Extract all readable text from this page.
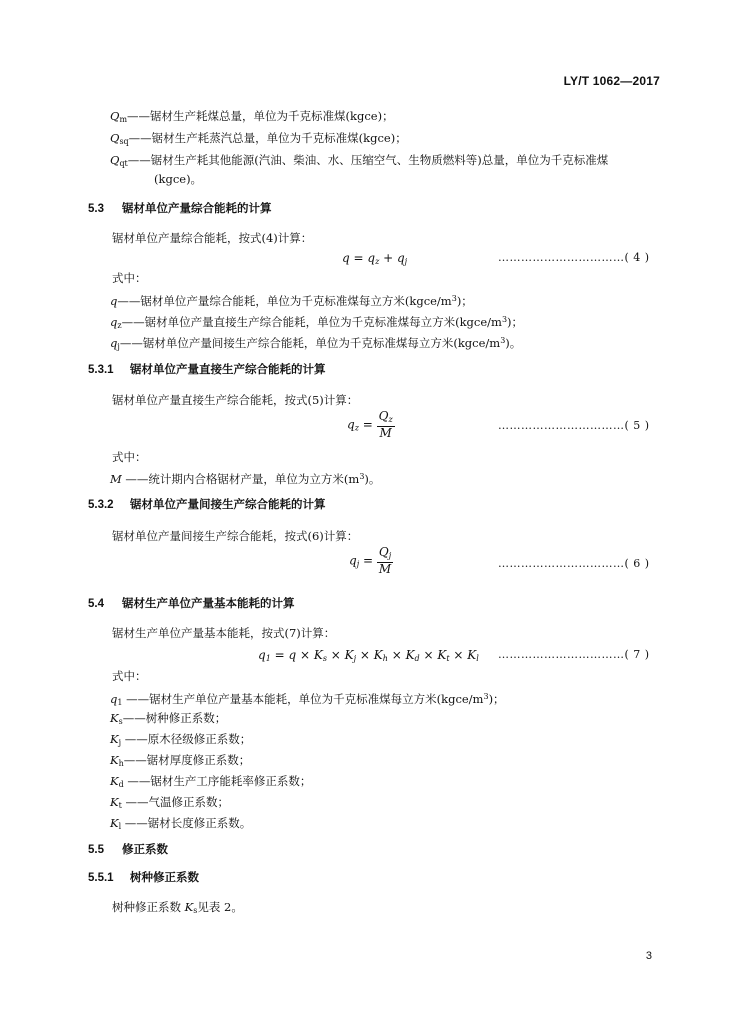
LY/T 1062—2017
$Q_m——$锯材生产耗煤总量，单位为千克标准煤(kgce)；
$Q_{sq}——$锯材生产耗蒸汽总量，单位为千克标准煤(kgce)；
$Q_{qt}——$锯材生产耗其他能源(汽油、柴油、水、压缩空气、生物质燃料等)总量，单位为千克标准煤
(kgce)。
5.3 锯材单位产量综合能耗的计算
锯材单位产量综合能耗，按式(4)计算：
$q = q_z + q_j$	……………………………( 4 )
式中：
q——锯材单位产量综合能耗，单位为千克标准煤每立方米$(kgce/m^3)$；
$q_z——$锯材单位产量直接生产综合能耗，单位为千克标准煤每立方米$(kgce/m^3)$；
$q_j——$锯材单位产量间接生产综合能耗，单位为千克标准煤每立方米$(kgce/m^3)$。
5.3.1 锯材单位产量直接生产综合能耗的计算
锯材单位产量直接生产综合能耗，按式(5)计算：
$q_z = \frac{Q_z}{M}$	……………………………( 5 )
式中：
M ——统计期内合格锯材产量，单位为立方米$(m^3)$。
5.3.2 锯材单位产量间接生产综合能耗的计算
锯材单位产量间接生产综合能耗，按式(6)计算：
$q_j = \frac{Q_j}{M}$	……………………………( 6 )
5.4 锯材生产单位产量基本能耗的计算
锯材生产单位产量基本能耗，按式(7)计算：
$q_1 = q \times K_s \times K_j \times K_h \times K_d \times K_t \times K_l$ ……………………………( 7 )
式中：
$q_1$ ——锯材生产单位产量基本能耗，单位为千克标准煤每立方米$(kgce/m^3)$；
$K_s——$树种修正系数；
$K_j$ ——原木径级修正系数；
$K_h——$锯材厚度修正系数；
$K_d$ ——锯材生产工序能耗率修正系数；
$K_t$ ——气温修正系数；
$K_l$ ——锯材长度修正系数。
5.5 修正系数
5.5.1 树种修正系数
树种修正系数 $K_s$见表 2。
3
